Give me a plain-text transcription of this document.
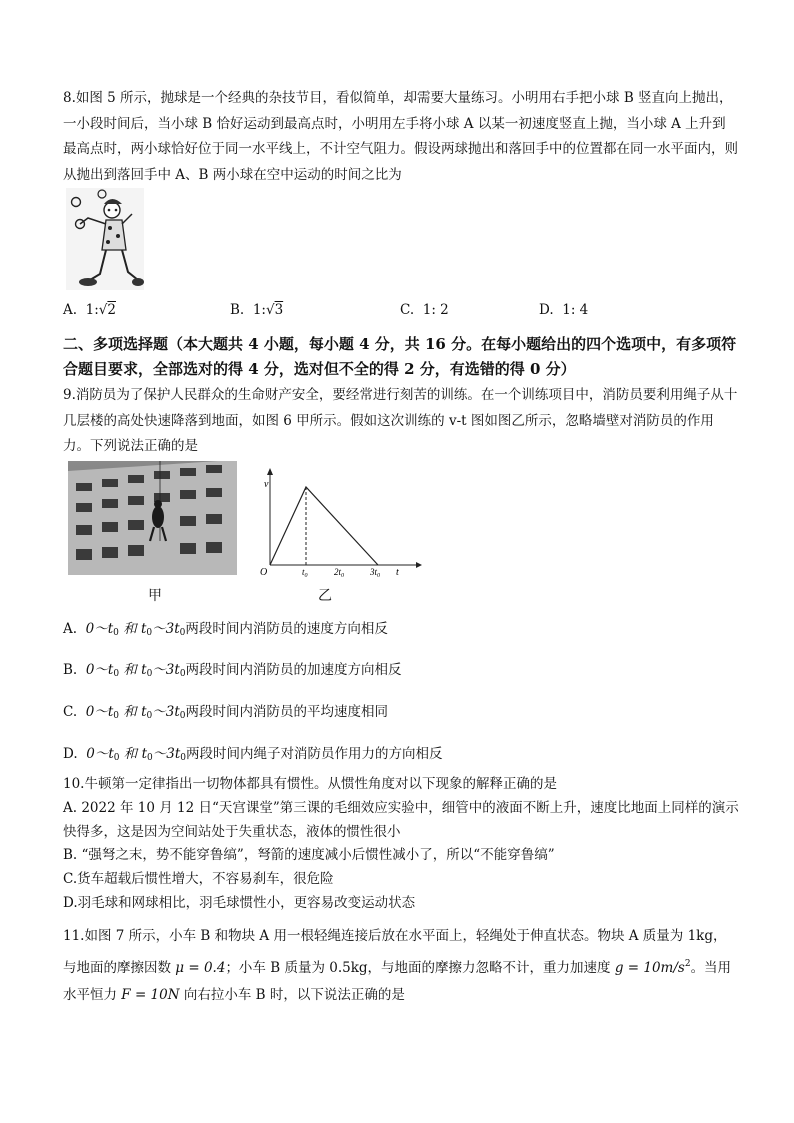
8.如图 5 所示，抛球是一个经典的杂技节目，看似简单，却需要大量练习。小明用右手把小球 B 竖直向上抛出，一小段时间后，当小球 B 恰好运动到最高点时，小明用左手将小球 A 以某一初速度竖直上抛，当小球 A 上升到最高点时，两小球恰好位于同一水平线上，不计空气阻力。假设两球抛出和落回手中的位置都在同一水平面内，则从抛出到落回手中 A、B 两小球在空中运动的时间之比为

A. 1:√2	B. 1:√3	C. 1: 2	D. 1: 4

二、多项选择题（本大题共 4 小题，每小题 4 分，共 16 分。在每小题给出的四个选项中，有多项符合题目要求，全部选对的得 4 分，选对但不全的得 2 分，有选错的得 0 分）

9.消防员为了保护人民群众的生命财产安全，要经常进行刻苦的训练。在一个训练项目中，消防员要利用绳子从十几层楼的高处快速降落到地面，如图 6 甲所示。假如这次训练的 v-t 图如图乙所示，忽略墙壁对消防员的作用力。下列说法正确的是

v
t
O	$t_0$	$2t_0$	$3t_0$
甲	乙
A. $0\sim t_0$ 和 $t_0\sim 3t_0$两段时间内消防员的速度方向相反
B. $0\sim t_0$ 和 $t_0\sim 3t_0$两段时间内消防员的加速度方向相反
C. $0\sim t_0$ 和 $t_0\sim 3t_0$两段时间内消防员的平均速度相同
D. $0\sim t_0$ 和 $t_0\sim 3t_0$两段时间内绳子对消防员作用力的方向相反
10.牛顿第一定律指出一切物体都具有惯性。从惯性角度对以下现象的解释正确的是
A. 2022 年 10 月 12 日“天宫课堂”第三课的毛细效应实验中，细管中的液面不断上升，速度比地面上同样的演示快得多，这是因为空间站处于失重状态，液体的惯性很小
B. “强弩之末，势不能穿鲁缟”，弩箭的速度减小后惯性减小了，所以“不能穿鲁缟”
C.货车超载后惯性增大，不容易刹车，很危险
D.羽毛球和网球相比，羽毛球惯性小，更容易改变运动状态

11.如图 7 所示，小车 B 和物块 A 用一根轻绳连接后放在水平面上，轻绳处于伸直状态。物块 A 质量为 1kg，与地面的摩擦因数 μ = 0.4；小车 B 质量为 0.5kg，与地面的摩擦力忽略不计，重力加速度 $g = 10m/s^2$。当用水平恒力 F = 10N 向右拉小车 B 时，以下说法正确的是
